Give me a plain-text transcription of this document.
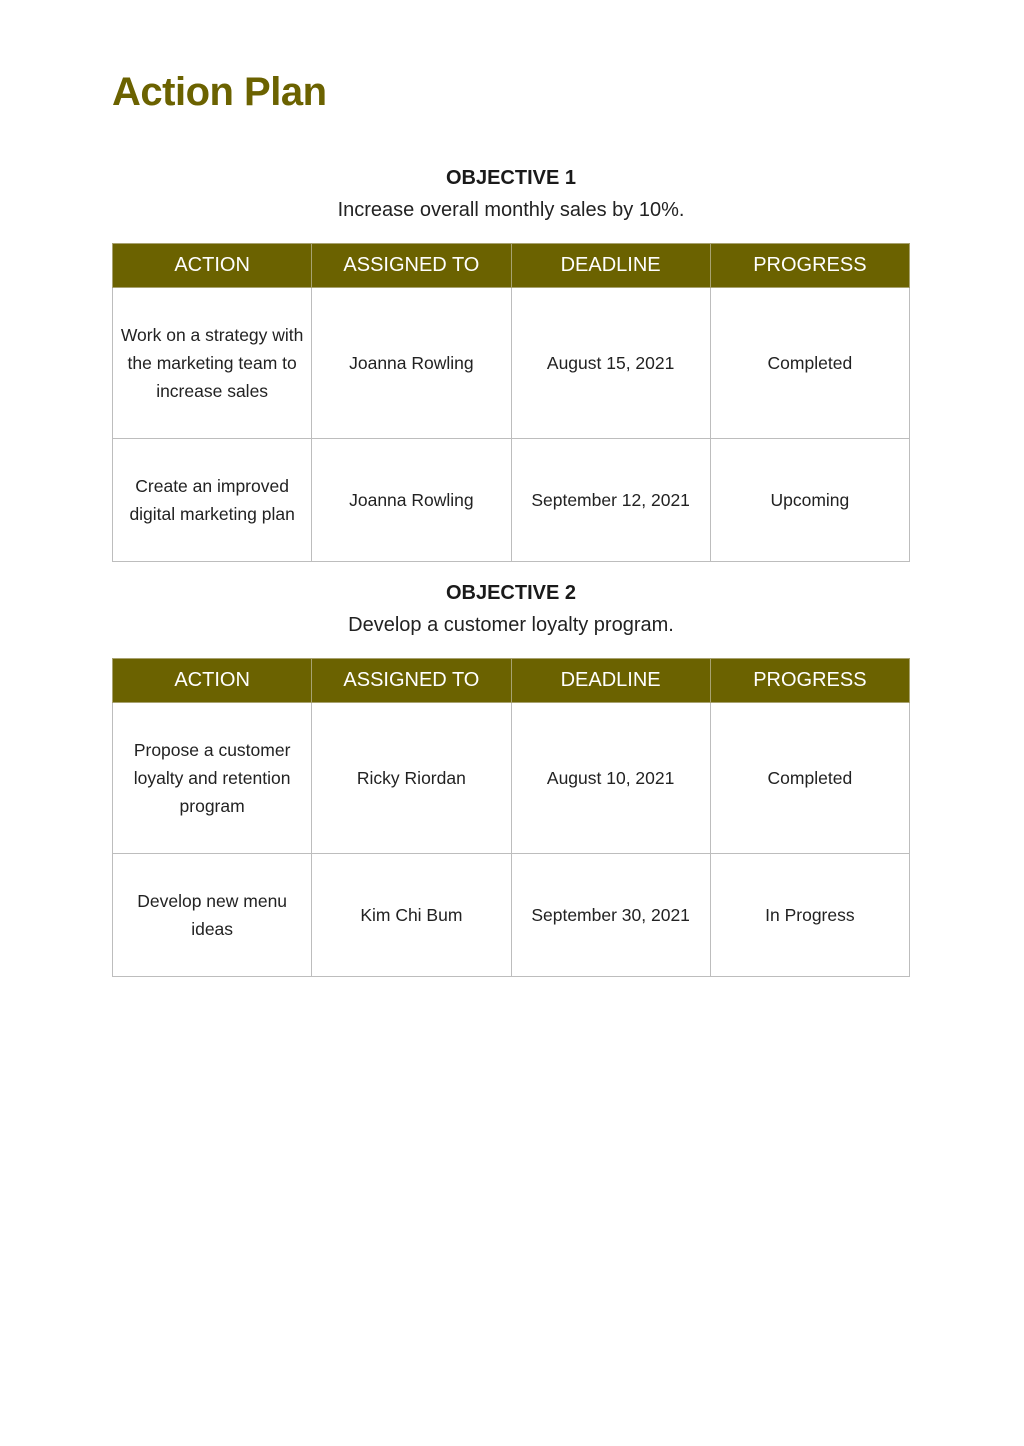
Action Plan
OBJECTIVE 1
Increase overall monthly sales by 10%.
ACTION	ASSIGNED TO	DEADLINE	PROGRESS
Work on a strategy with the marketing team to increase sales	Joanna Rowling	August 15, 2021	Completed
Create an improved digital marketing plan	Joanna Rowling	September 12, 2021	Upcoming
OBJECTIVE 2
Develop a customer loyalty program.
ACTION	ASSIGNED TO	DEADLINE	PROGRESS
Propose a customer loyalty and retention program	Ricky Riordan	August 10, 2021	Completed
Develop new menu ideas	Kim Chi Bum	September 30, 2021	In Progress
